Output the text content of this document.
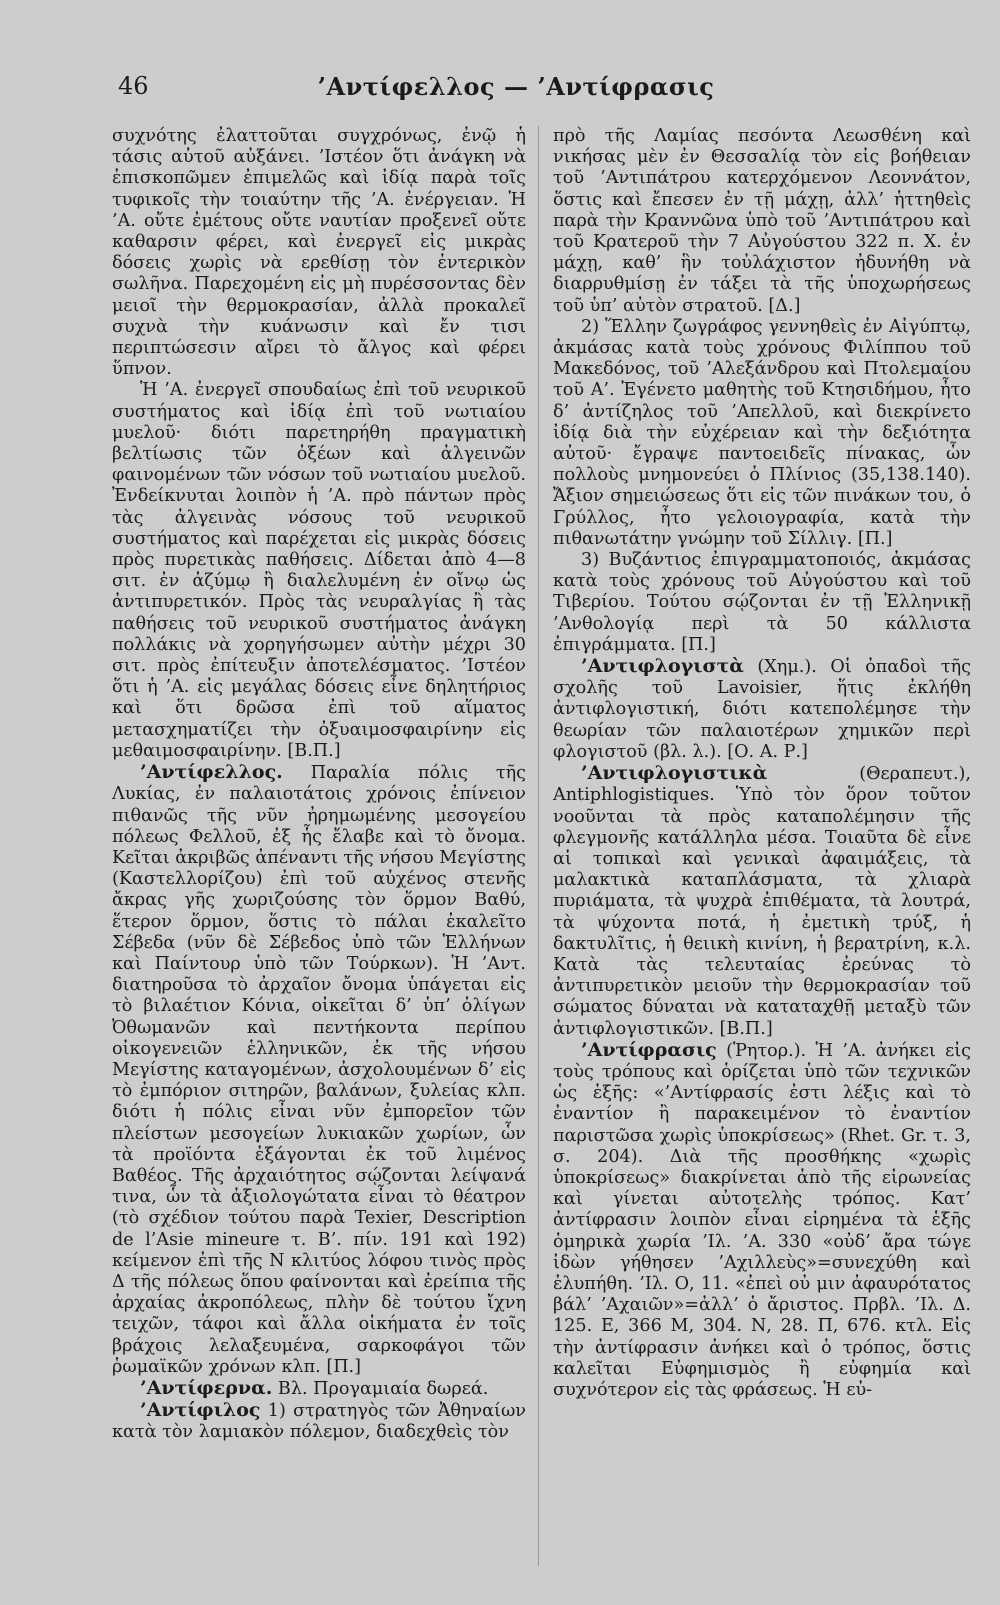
46	’Αντίφελλος — ’Αντίφρασις

συχνότης ἐλαττοῦται συγχρόνως, ἐνῷ ἡ τάσις αὐτοῦ αὐξάνει. ’Ιστέον ὅτι ἀνάγκη νὰ ἐπισκοπῶμεν ἐπιμελῶς καὶ ἰδίᾳ παρὰ τοῖς τυφικοῖς τὴν τοιαύτην τῆς ’Α. ἐνέργειαν. Ἡ ’Α. οὔτε ἐμέτους οὔτε ναυτίαν προξενεῖ οὔτε καθαρσιν φέρει, καὶ ἐνεργεῖ εἰς μικρὰς δόσεις χωρὶς νὰ ερεθίσῃ τὸν ἐντερικὸν σωλῆνα. Παρεχομένη εἰς μὴ πυρέσσοντας δὲν μειοῖ τὴν θερμοκρασίαν, ἀλλὰ προκαλεῖ συχνὰ τὴν κυάνωσιν καὶ ἔν τισι περιπτώσεσιν αἴρει τὸ ἄλγος καὶ φέρει ὕπνον.

Ἡ ’Α. ἐνεργεῖ σπουδαίως ἐπὶ τοῦ νευρικοῦ συστήματος καὶ ἰδίᾳ ἐπὶ τοῦ νωτιαίου μυελοῦ· διότι παρετηρήθη πραγματικὴ βελτίωσις τῶν ὀξέων καὶ ἀλγεινῶν φαινομένων τῶν νόσων τοῦ νωτιαίου μυελοῦ. Ἐνδείκνυται λοιπὸν ἡ ’Α. πρὸ πάντων πρὸς τὰς ἀλγεινὰς νόσους τοῦ νευρικοῦ συστήματος καὶ παρέχεται εἰς μικρὰς δόσεις πρὸς πυρετικὰς παθήσεις. Δίδεται ἀπὸ 4—8 σιτ. ἐν ἀζύμῳ ἢ διαλελυμένη ἐν οἴνῳ ὡς ἀντιπυρετικόν. Πρὸς τὰς νευραλγίας ἢ τὰς παθήσεις τοῦ νευρικοῦ συστήματος ἀνάγκη πολλάκις νὰ χορηγήσωμεν αὐτὴν μέχρι 30 σιτ. πρὸς ἐπίτευξιν ἀποτελέσματος. ’Ιστέον ὅτι ἡ ’Α. εἰς μεγάλας δόσεις εἶνε δηλητήριος καὶ ὅτι δρῶσα ἐπὶ τοῦ αἵματος μετασχηματίζει τὴν ὀξυαιμοσφαιρίνην εἰς μεθαιμοσφαιρίνην. [Β.Π.]

’Αντίφελλος. Παραλία πόλις τῆς Λυκίας, ἐν παλαιοτάτοις χρόνοις ἐπίνειον πιθανῶς τῆς νῦν ἠρημωμένης μεσογείου πόλεως Φελλοῦ, ἐξ ἧς ἔλαβε καὶ τὸ ὄνομα. Κεῖται ἀκριβῶς ἀπέναντι τῆς νήσου Μεγίστης (Καστελλορίζου) ἐπὶ τοῦ αὐχένος στενῆς ἄκρας γῆς χωριζούσης τὸν ὅρμον Βαθύ, ἕτερον ὅρμον, ὅστις τὸ πάλαι ἐκαλεῖτο Σέβεδα (νῦν δὲ Σέβεδος ὑπὸ τῶν Ἑλλήνων καὶ Παίντουρ ὑπὸ τῶν Τούρκων). Ἡ ’Αντ. διατηροῦσα τὸ ἀρχαῖον ὄνομα ὑπάγεται εἰς τὸ βιλαέτιον Κόνια, οἰκεῖται δ’ ὑπ’ ὀλίγων Ὀθωμανῶν καὶ πεντήκοντα περίπου οἰκογενειῶν ἑλληνικῶν, ἐκ τῆς νήσου Μεγίστης καταγομένων, ἀσχολουμένων δ’ εἰς τὸ ἐμπόριον σιτηρῶν, βαλάνων, ξυλείας κλπ. διότι ἡ πόλις εἶναι νῦν ἐμπορεῖον τῶν πλείστων μεσογείων λυκιακῶν χωρίων, ὧν τὰ προϊόντα ἐξάγονται ἐκ τοῦ λιμένος Βαθέος. Τῆς ἀρχαιότητος σῴζονται λείψανά τινα, ὧν τὰ ἀξιολογώτατα εἶναι τὸ θέατρον (τὸ σχέδιον τούτου παρὰ Texier, Description de l’Asie mineure τ. Β’. πίν. 191 καὶ 192) κείμενον ἐπὶ τῆς Ν κλιτύος λόφου τινὸς πρὸς Δ τῆς πόλεως ὅπου φαίνονται καὶ ἐρείπια τῆς ἀρχαίας ἀκροπόλεως, πλὴν δὲ τούτου ἴχνη τειχῶν, τάφοι καὶ ἄλλα οἰκήματα ἐν τοῖς βράχοις λελαξευμένα, σαρκοφάγοι τῶν ῥωμαϊκῶν χρόνων κλπ. [Π.]

’Αντίφερνα. Βλ. Προγαμιαία δωρεά.

’Αντίφιλος 1) στρατηγὸς τῶν Ἀθηναίων κατὰ τὸν λαμιακὸν πόλεμον, διαδεχθεὶς τὸν

πρὸ τῆς Λαμίας πεσόντα Λεωσθένη καὶ νικήσας μὲν ἐν Θεσσαλίᾳ τὸν εἰς βοήθειαν τοῦ ’Αντιπάτρου κατερχόμενον Λεοννάτον, ὅστις καὶ ἔπεσεν ἐν τῇ μάχῃ, ἀλλ’ ἡττηθεὶς παρὰ τὴν Κραννῶνα ὑπὸ τοῦ ’Αντιπάτρου καὶ τοῦ Κρατεροῦ τὴν 7 Αὐγούστου 322 π. Χ. ἐν μάχῃ, καθ’ ἣν τοὐλάχιστον ἠδυνήθη νὰ διαρρυθμίσῃ ἐν τάξει τὰ τῆς ὑποχωρήσεως τοῦ ὑπ’ αὐτὸν στρατοῦ. [Δ.]

2) Ἕλλην ζωγράφος γεννηθεὶς ἐν Αἰγύπτῳ, ἀκμάσας κατὰ τοὺς χρόνους Φιλίππου τοῦ Μακεδόνος, τοῦ ’Αλεξάνδρου καὶ Πτολεμαίου τοῦ Α’. Ἐγένετο μαθητὴς τοῦ Κτησιδήμου, ἦτο δ’ ἀντίζηλος τοῦ ’Απελλοῦ, καὶ διεκρίνετο ἰδίᾳ διὰ τὴν εὐχέρειαν καὶ τὴν δεξιότητα αὐτοῦ· ἔγραψε παντοειδεῖς πίνακας, ὧν πολλοὺς μνημονεύει ὁ Πλίνιος (35,138.140). Ἄξιον σημειώσεως ὅτι εἰς τῶν πινάκων του, ὁ Γρύλλος, ἦτο γελοιογραφία, κατὰ τὴν πιθανωτάτην γνώμην τοῦ Σίλλιγ. [Π.]

3) Βυζάντιος ἐπιγραμματοποιός, ἀκμάσας κατὰ τοὺς χρόνους τοῦ Αὐγούστου καὶ τοῦ Τιβερίου. Τούτου σῴζονται ἐν τῇ Ἑλληνικῇ ’Ανθολογίᾳ περὶ τὰ 50 κάλλιστα ἐπιγράμματα. [Π.]

’Αντιφλογιστὰ (Χημ.). Οἱ ὀπαδοὶ τῆς σχολῆς τοῦ Lavoisier, ἥτις ἐκλήθη ἀντιφλογιστική, διότι κατεπολέμησε τὴν θεωρίαν τῶν παλαιοτέρων χημικῶν περὶ φλογιστοῦ (βλ. λ.). [Ο. Α. Ρ.]

’Αντιφλογιστικὰ (Θεραπευτ.), Antiphlogistiques. Ὑπὸ τὸν ὅρον τοῦτον νοοῦνται τὰ πρὸς καταπολέμησιν τῆς φλεγμονῆς κατάλληλα μέσα. Τοιαῦτα δὲ εἶνε αἱ τοπικαὶ καὶ γενικαὶ ἀφαιμάξεις, τὰ μαλακτικὰ καταπλάσματα, τὰ χλιαρὰ πυριάματα, τὰ ψυχρὰ ἐπιθέματα, τὰ λουτρά, τὰ ψύχοντα ποτά, ἡ ἐμετικὴ τρύξ, ἡ δακτυλῖτις, ἡ θειικὴ κινίνη, ἡ βερατρίνη, κ.λ. Κατὰ τὰς τελευταίας ἐρεύνας τὸ ἀντιπυρετικὸν μειοῦν τὴν θερμοκρασίαν τοῦ σώματος δύναται νὰ καταταχθῇ μεταξὺ τῶν ἀντιφλογιστικῶν. [Β.Π.]

’Αντίφρασις (Ῥητορ.). Ἡ ’Α. ἀνήκει εἰς τοὺς τρόπους καὶ ὁρίζεται ὑπὸ τῶν τεχνικῶν ὡς ἑξῆς: «’Αντίφρασίς ἐστι λέξις καὶ τὸ ἐναντίον ἢ παρακειμένον τὸ ἐναντίον παριστῶσα χωρὶς ὑποκρίσεως» (Rhet. Gr. τ. 3, σ. 204). Διὰ τῆς προσθήκης «χωρὶς ὑποκρίσεως» διακρίνεται ἀπὸ τῆς εἰρωνείας καὶ γίνεται αὐτοτελὴς τρόπος. Κατ’ ἀντίφρασιν λοιπὸν εἶναι εἰρημένα τὰ ἑξῆς ὁμηρικὰ χωρία ’Ιλ. ’Α. 330 «οὐδ’ ἄρα τώγε ἰδὼν γήθησεν ’Αχιλλεὺς»=συνεχύθη καὶ ἐλυπήθη. ’Ιλ. Ο, 11. «ἐπεὶ οὐ μιν ἀφαυρότατος βάλ’ ’Αχαιῶν»=ἀλλ’ ὁ ἄριστος. Πρβλ. ’Ιλ. Δ. 125. Ε, 366 Μ, 304. Ν, 28. Π, 676. κτλ. Εἰς τὴν ἀντίφρασιν ἀνήκει καὶ ὁ τρόπος, ὅστις καλεῖται Εὐφημισμὸς ἢ εὐφημία καὶ συχνότερον εἰς τὰς φράσεως. Ἡ εὐ-
